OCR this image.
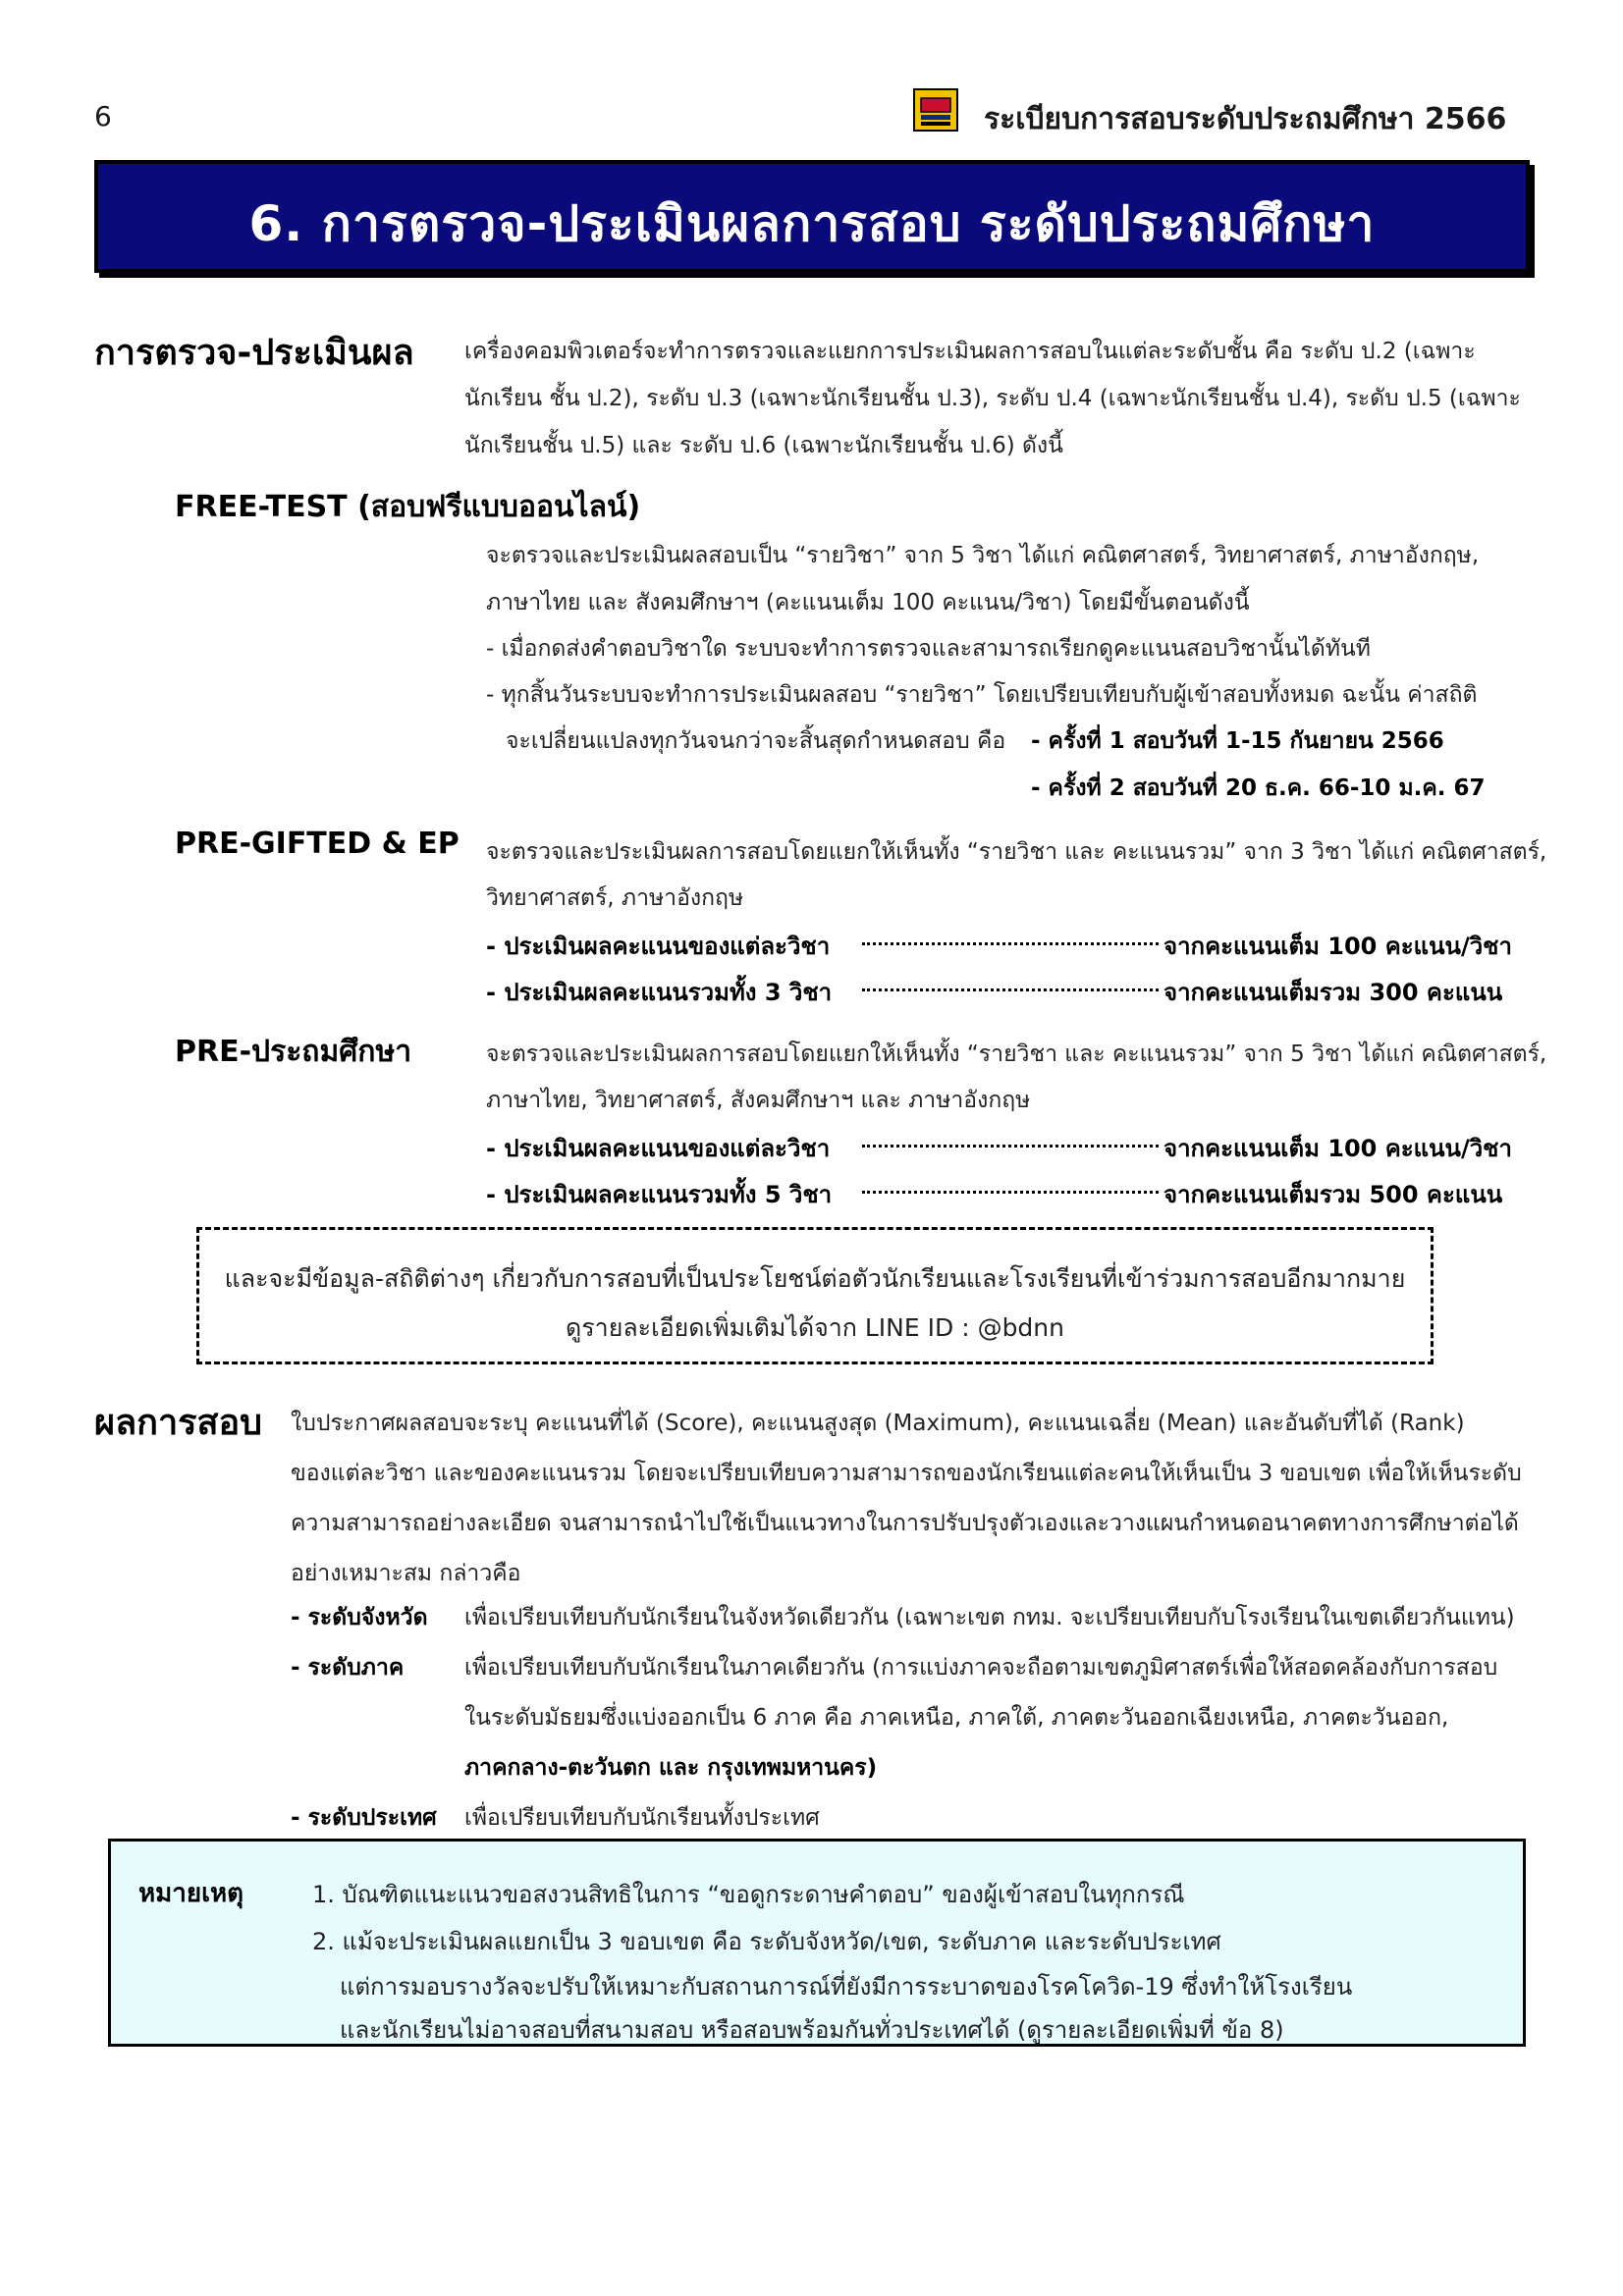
6	ระเบียบการสอบระดับประถมศึกษา 2566
6. การตรวจ-ประเมินผลการสอบ ระดับประถมศึกษา
การตรวจ-ประเมินผล เครื่องคอมพิวเตอร์จะทำการตรวจและแยกการประเมินผลการสอบในแต่ละระดับชั้น คือ ระดับ ป.2 (เฉพาะ
นักเรียน ชั้น ป.2), ระดับ ป.3 (เฉพาะนักเรียนชั้น ป.3), ระดับ ป.4 (เฉพาะนักเรียนชั้น ป.4), ระดับ ป.5 (เฉพาะ
นักเรียนชั้น ป.5) และ ระดับ ป.6 (เฉพาะนักเรียนชั้น ป.6) ดังนี้
FREE-TEST (สอบฟรีแบบออนไลน์)
จะตรวจและประเมินผลสอบเป็น “รายวิชา” จาก 5 วิชา ได้แก่ คณิตศาสตร์, วิทยาศาสตร์, ภาษาอังกฤษ,
ภาษาไทย และ สังคมศึกษาฯ (คะแนนเต็ม 100 คะแนน/วิชา) โดยมีขั้นตอนดังนี้
- เมื่อกดส่งคำตอบวิชาใด ระบบจะทำการตรวจและสามารถเรียกดูคะแนนสอบวิชานั้นได้ทันที
- ทุกสิ้นวันระบบจะทำการประเมินผลสอบ “รายวิชา” โดยเปรียบเทียบกับผู้เข้าสอบทั้งหมด ฉะนั้น ค่าสถิติ
จะเปลี่ยนแปลงทุกวันจนกว่าจะสิ้นสุดกำหนดสอบ คือ - ครั้งที่ 1 สอบวันที่ 1-15 กันยายน 2566
- ครั้งที่ 2 สอบวันที่ 20 ธ.ค. 66-10 ม.ค. 67
PRE-GIFTED & EP จะตรวจและประเมินผลการสอบโดยแยกให้เห็นทั้ง “รายวิชา และ คะแนนรวม” จาก 3 วิชา ได้แก่ คณิตศาสตร์,
วิทยาศาสตร์, ภาษาอังกฤษ
- ประเมินผลคะแนนของแต่ละวิชา	จากคะแนนเต็ม 100 คะแนน/วิชา
- ประเมินผลคะแนนรวมทั้ง 3 วิชา	จากคะแนนเต็มรวม 300 คะแนน
PRE-ประถมศึกษา	จะตรวจและประเมินผลการสอบโดยแยกให้เห็นทั้ง “รายวิชา และ คะแนนรวม” จาก 5 วิชา ได้แก่ คณิตศาสตร์,
ภาษาไทย, วิทยาศาสตร์, สังคมศึกษาฯ และ ภาษาอังกฤษ
- ประเมินผลคะแนนของแต่ละวิชา	จากคะแนนเต็ม 100 คะแนน/วิชา
- ประเมินผลคะแนนรวมทั้ง 5 วิชา	จากคะแนนเต็มรวม 500 คะแนน
และจะมีข้อมูล-สถิติต่างๆ เกี่ยวกับการสอบที่เป็นประโยชน์ต่อตัวนักเรียนและโรงเรียนที่เข้าร่วมการสอบอีกมากมาย
ดูรายละเอียดเพิ่มเติมได้จาก LINE ID : @bdnn
ผลการสอบ ใบประกาศผลสอบจะระบุ คะแนนที่ได้ (Score), คะแนนสูงสุด (Maximum), คะแนนเฉลี่ย (Mean) และอันดับที่ได้ (Rank)
ของแต่ละวิชา และของคะแนนรวม โดยจะเปรียบเทียบความสามารถของนักเรียนแต่ละคนให้เห็นเป็น 3 ขอบเขต เพื่อให้เห็นระดับ
ความสามารถอย่างละเอียด จนสามารถนำไปใช้เป็นแนวทางในการปรับปรุงตัวเองและวางแผนกำหนดอนาคตทางการศึกษาต่อได้
อย่างเหมาะสม กล่าวคือ
- ระดับจังหวัด เพื่อเปรียบเทียบกับนักเรียนในจังหวัดเดียวกัน (เฉพาะเขต กทม. จะเปรียบเทียบกับโรงเรียนในเขตเดียวกันแทน)
- ระดับภาค	เพื่อเปรียบเทียบกับนักเรียนในภาคเดียวกัน (การแบ่งภาคจะถือตามเขตภูมิศาสตร์เพื่อให้สอดคล้องกับการสอบ
ในระดับมัธยมซึ่งแบ่งออกเป็น 6 ภาค คือ ภาคเหนือ, ภาคใต้, ภาคตะวันออกเฉียงเหนือ, ภาคตะวันออก,
ภาคกลาง-ตะวันตก และ กรุงเทพมหานคร)
- ระดับประเทศ เพื่อเปรียบเทียบกับนักเรียนทั้งประเทศ
หมายเหตุ	1. บัณฑิตแนะแนวขอสงวนสิทธิในการ “ขอดูกระดาษคำตอบ” ของผู้เข้าสอบในทุกกรณี
2. แม้จะประเมินผลแยกเป็น 3 ขอบเขต คือ ระดับจังหวัด/เขต, ระดับภาค และระดับประเทศ
แต่การมอบรางวัลจะปรับให้เหมาะกับสถานการณ์ที่ยังมีการระบาดของโรคโควิด-19 ซึ่งทำให้โรงเรียน
และนักเรียนไม่อาจสอบที่สนามสอบ หรือสอบพร้อมกันทั่วประเทศได้ (ดูรายละเอียดเพิ่มที่ ข้อ 8)
